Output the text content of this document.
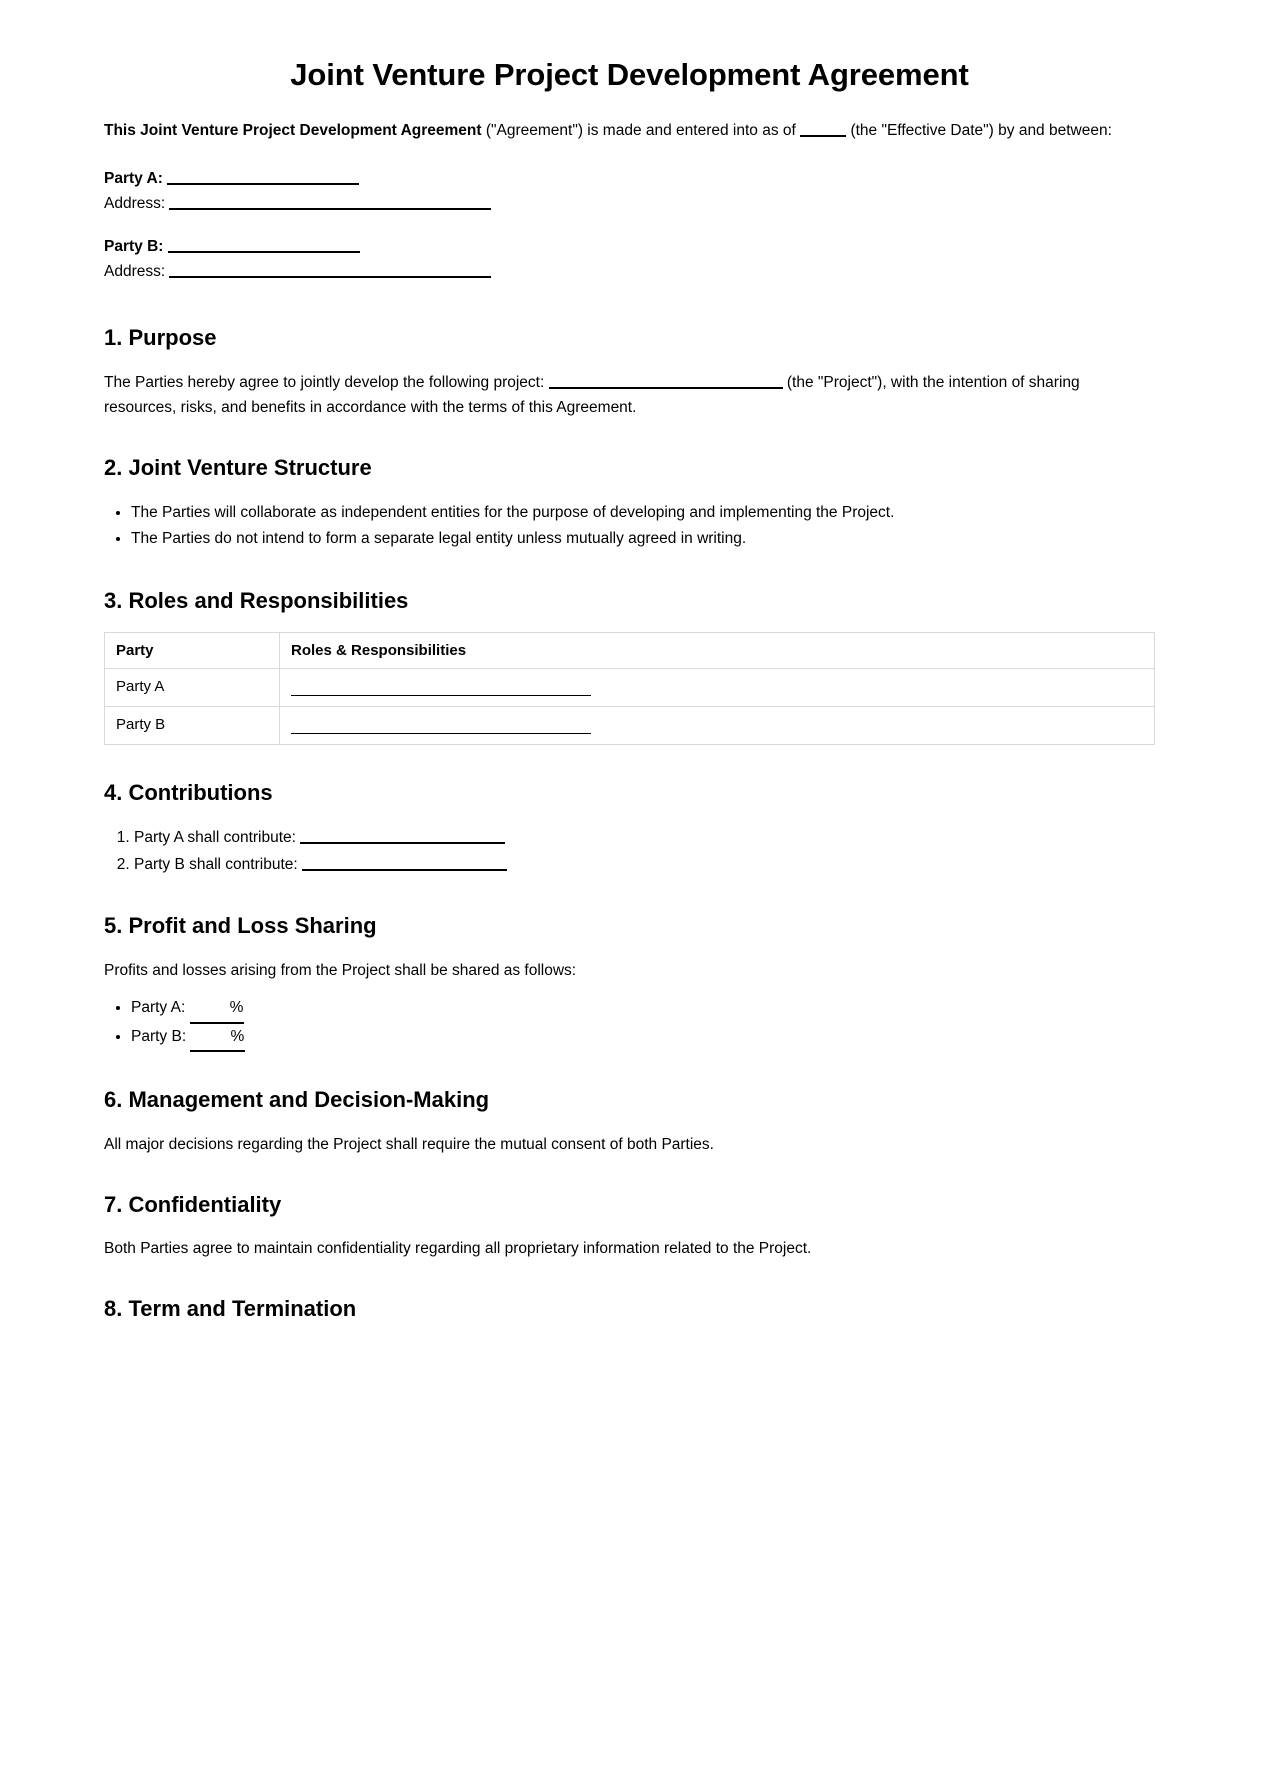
Joint Venture Project Development Agreement

This Joint Venture Project Development Agreement ("Agreement") is made and entered into as of	(the "Effective Date") by and between:

Party A:
Address:
Party B:
Address:
1. Purpose

The Parties hereby agree to jointly develop the following project:	(the "Project"), with the intention of sharing resources, risks, and benefits in accordance with the terms of this Agreement.

2. Joint Venture Structure
• The Parties will collaborate as independent entities for the purpose of developing and implementing the Project.
• The Parties do not intend to form a separate legal entity unless mutually agreed in writing.
3. Roles and Responsibilities
Party	Roles & Responsibilities
Party A	
Party B	
4. Contributions
1. Party A shall contribute:
2. Party B shall contribute:
5. Profit and Loss Sharing

Profits and losses arising from the Project shall be shared as follows:

• Party A:	%
• Party B:	%
6. Management and Decision-Making

All major decisions regarding the Project shall require the mutual consent of both Parties.

7. Confidentiality

Both Parties agree to maintain confidentiality regarding all proprietary information related to the Project.

8. Term and Termination
